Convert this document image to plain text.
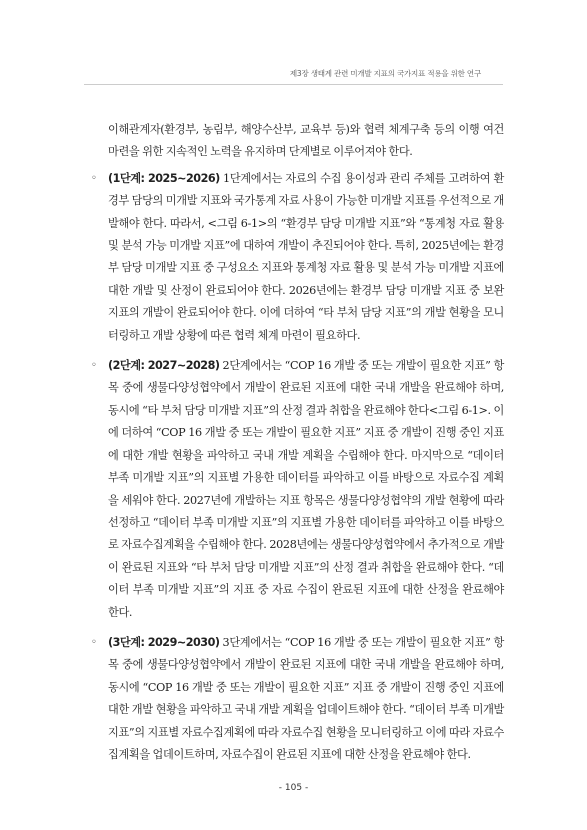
제3장 생태계 관련 미개발 지표의 국가지표 적용을 위한 연구

이해관계자(환경부, 농림부, 해양수산부, 교육부 등)와 협력 체계구축 등의 이행 여건 마련을 위한 지속적인 노력을 유지하며 단계별로 이루어져야 한다.

◦ (1단계: 2025~2026) 1단계에서는 자료의 수집 용이성과 관리 주체를 고려하여 환경부 담당의 미개발 지표와 국가통계 자료 사용이 가능한 미개발 지표를 우선적으로 개발해야 한다. 따라서, <그림 6-1>의 “환경부 담당 미개발 지표”와 “통계청 자료 활용 및 분석 가능 미개발 지표”에 대하여 개발이 추진되어야 한다. 특히, 2025년에는 환경부 담당 미개발 지표 중 구성요소 지표와 통계청 자료 활용 및 분석 가능 미개발 지표에 대한 개발 및 산정이 완료되어야 한다. 2026년에는 환경부 담당 미개발 지표 중 보완 지표의 개발이 완료되어야 한다. 이에 더하여 “타 부처 담당 지표”의 개발 현황을 모니터링하고 개발 상황에 따른 협력 체계 마련이 필요하다.

◦ (2단계: 2027~2028) 2단계에서는 “COP 16 개발 중 또는 개발이 필요한 지표” 항목 중에 생물다양성협약에서 개발이 완료된 지표에 대한 국내 개발을 완료해야 하며, 동시에 “타 부처 담당 미개발 지표”의 산정 결과 취합을 완료해야 한다<그림 6-1>. 이에 더하여 “COP 16 개발 중 또는 개발이 필요한 지표” 지표 중 개발이 진행 중인 지표에 대한 개발 현황을 파악하고 국내 개발 계획을 수립해야 한다. 마지막으로 “데이터 부족 미개발 지표”의 지표별 가용한 데이터를 파악하고 이를 바탕으로 자료수집 계획을 세워야 한다. 2027년에 개발하는 지표 항목은 생물다양성협약의 개발 현황에 따라 선정하고 “데이터 부족 미개발 지표”의 지표별 가용한 데이터를 파악하고 이를 바탕으로 자료수집계획을 수립해야 한다. 2028년에는 생물다양성협약에서 추가적으로 개발이 완료된 지표와 “타 부처 담당 미개발 지표”의 산정 결과 취합을 완료해야 한다. “데이터 부족 미개발 지표”의 지표 중 자료 수집이 완료된 지표에 대한 산정을 완료해야 한다.

◦ (3단계: 2029~2030) 3단계에서는 “COP 16 개발 중 또는 개발이 필요한 지표” 항목 중에 생물다양성협약에서 개발이 완료된 지표에 대한 국내 개발을 완료해야 하며, 동시에 “COP 16 개발 중 또는 개발이 필요한 지표” 지표 중 개발이 진행 중인 지표에 대한 개발 현황을 파악하고 국내 개발 계획을 업데이트해야 한다. “데이터 부족 미개발 지표”의 지표별 자료수집계획에 따라 자료수집 현황을 모니터링하고 이에 따라 자료수집계획을 업데이트하며, 자료수집이 완료된 지표에 대한 산정을 완료해야 한다.

- 105 -
